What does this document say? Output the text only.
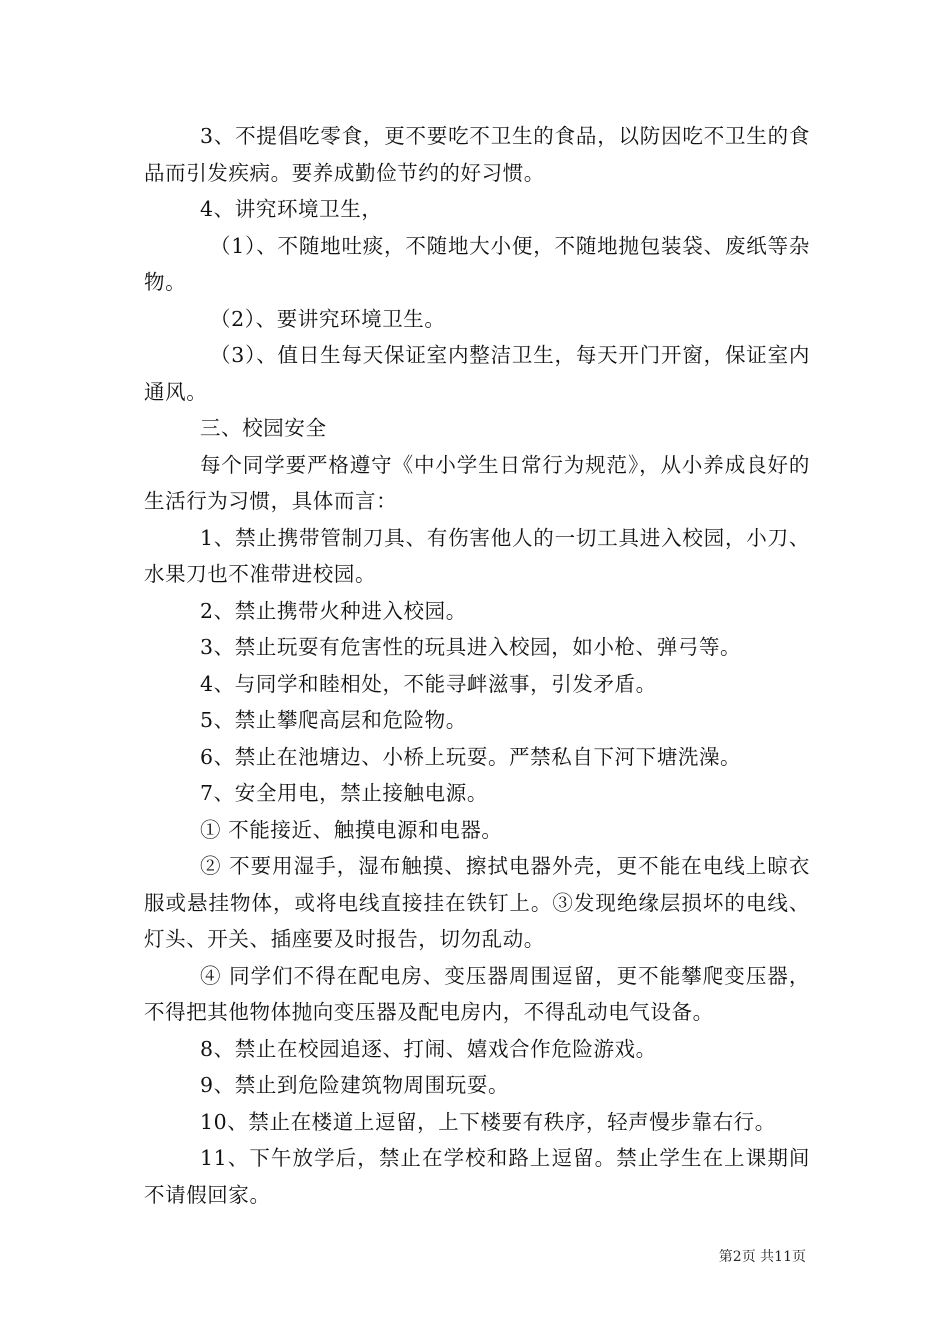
3、不提倡吃零食，更不要吃不卫生的食品，以防因吃不卫生的食品而引发疾病。要养成勤俭节约的好习惯。

4、讲究环境卫生，

（1）、不随地吐痰，不随地大小便，不随地抛包装袋、废纸等杂物。

（2）、要讲究环境卫生。

（3）、值日生每天保证室内整洁卫生，每天开门开窗，保证室内通风。

三、校园安全

每个同学要严格遵守《中小学生日常行为规范》，从小养成良好的生活行为习惯，具体而言：

1、禁止携带管制刀具、有伤害他人的一切工具进入校园，小刀、水果刀也不准带进校园。

2、禁止携带火种进入校园。

3、禁止玩耍有危害性的玩具进入校园，如小枪、弹弓等。

4、与同学和睦相处，不能寻衅滋事，引发矛盾。

5、禁止攀爬高层和危险物。

6、禁止在池塘边、小桥上玩耍。严禁私自下河下塘洗澡。

7、安全用电，禁止接触电源。

① 不能接近、触摸电源和电器。

② 不要用湿手，湿布触摸、擦拭电器外壳，更不能在电线上晾衣服或悬挂物体，或将电线直接挂在铁钉上。③发现绝缘层损坏的电线、灯头、开关、插座要及时报告，切勿乱动。

④ 同学们不得在配电房、变压器周围逗留，更不能攀爬变压器，不得把其他物体抛向变压器及配电房内，不得乱动电气设备。

8、禁止在校园追逐、打闹、嬉戏合作危险游戏。

9、禁止到危险建筑物周围玩耍。

10、禁止在楼道上逗留，上下楼要有秩序，轻声慢步靠右行。

11、下午放学后，禁止在学校和路上逗留。禁止学生在上课期间不请假回家。

第2页 共11页
